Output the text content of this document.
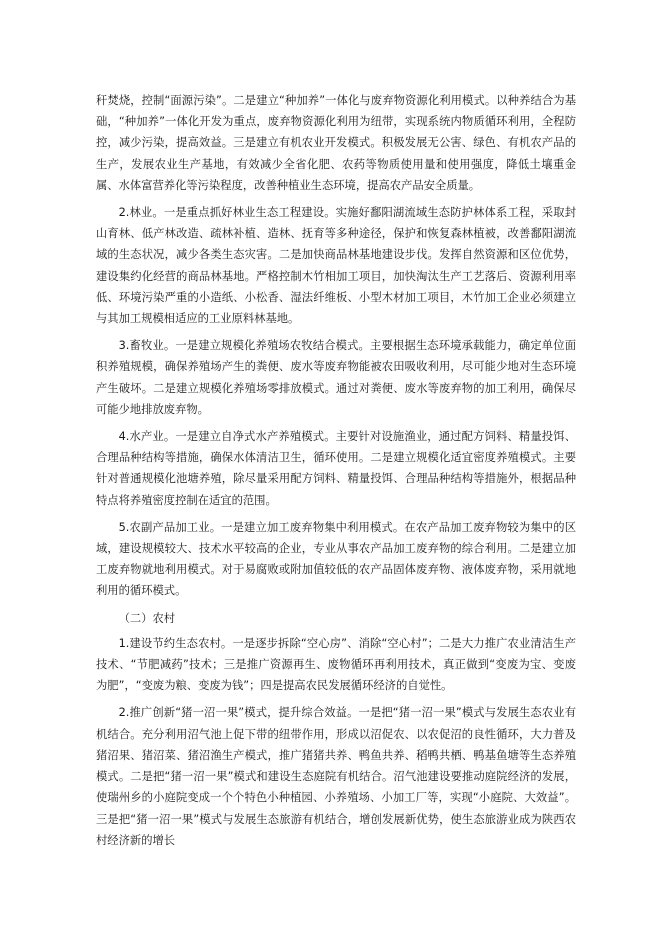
秆焚烧，控制“面源污染”。二是建立“种加养”一体化与废弃物资源化利用模式。以种养结合为基础，“种加养”一体化开发为重点，废弃物资源化利用为纽带，实现系统内物质循环利用，全程防控，减少污染，提高效益。三是建立有机农业开发模式。积极发展无公害、绿色、有机农产品的生产，发展农业生产基地，有效减少全省化肥、农药等物质使用量和使用强度，降低土壤重金属、水体富营养化等污染程度，改善种植业生态环境，提高农产品安全质量。

2.林业。一是重点抓好林业生态工程建设。实施好鄱阳湖流域生态防护林体系工程，采取封山育林、低产林改造、疏林补植、造林、抚育等多种途径，保护和恢复森林植被，改善鄱阳湖流域的生态状况，减少各类生态灾害。二是加快商品林基地建设步伐。发挥自然资源和区位优势，建设集约化经营的商品林基地。严格控制木竹相加工项目，加快淘汰生产工艺落后、资源利用率低、环境污染严重的小造纸、小松香、湿法纤维板、小型木材加工项目，木竹加工企业必须建立与其加工规模相适应的工业原料林基地。

3.畜牧业。一是建立规模化养殖场农牧结合模式。主要根据生态环境承载能力，确定单位面积养殖规模，确保养殖场产生的粪便、废水等废弃物能被农田吸收利用，尽可能少地对生态环境产生破坏。二是建立规模化养殖场零排放模式。通过对粪便、废水等废弃物的加工利用，确保尽可能少地排放废弃物。

4.水产业。一是建立自净式水产养殖模式。主要针对设施渔业，通过配方饲料、精量投饵、合理品种结构等措施，确保水体清洁卫生，循环使用。二是建立规模化适宜密度养殖模式。主要针对普通规模化池塘养殖，除尽量采用配方饲料、精量投饵、合理品种结构等措施外，根据品种特点将养殖密度控制在适宜的范围。

5.农副产品加工业。一是建立加工废弃物集中利用模式。在农产品加工废弃物较为集中的区域，建设规模较大、技术水平较高的企业，专业从事农产品加工废弃物的综合利用。二是建立加工废弃物就地利用模式。对于易腐败或附加值较低的农产品固体废弃物、液体废弃物，采用就地利用的循环模式。

（二）农村

1.建设节约生态农村。一是逐步拆除“空心房”、消除“空心村”；二是大力推广农业清洁生产技术、“节肥减药”技术；三是推广资源再生、废物循环再利用技术，真正做到“变废为宝、变废为肥”，“变废为粮、变废为钱”；四是提高农民发展循环经济的自觉性。

2.推广创新“猪一沼一果”模式，提升综合效益。一是把“猪一沼一果”模式与发展生态农业有机结合。充分利用沼气池上促下带的纽带作用，形成以沼促农、以农促沼的良性循环，大力普及猪沼果、猪沼菜、猪沼渔生产模式，推广猪猪共养、鸭鱼共养、稻鸭共栖、鸭基鱼塘等生态养殖模式。二是把“猪一沼一果”模式和建设生态庭院有机结合。沼气池建设要推动庭院经济的发展，使瑞州乡的小庭院变成一个个特色小种植园、小养殖场、小加工厂等，实现“小庭院、大效益”。三是把“猪一沼一果”模式与发展生态旅游有机结合，增创发展新优势，使生态旅游业成为陕西农村经济新的增长
